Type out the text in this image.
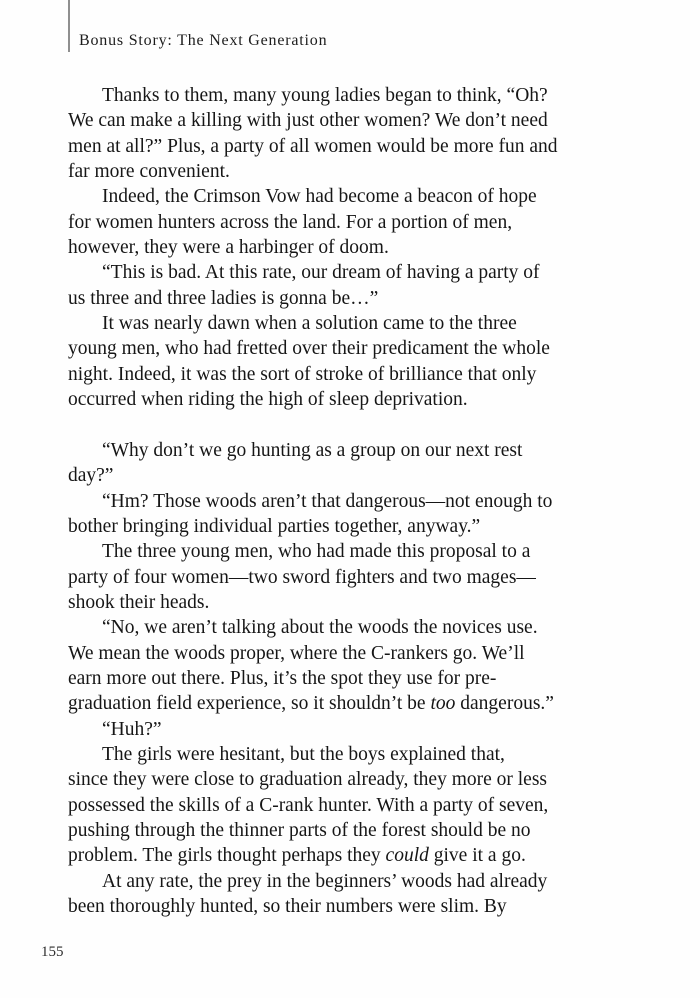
Bonus Story: The Next Generation
Thanks to them, many young ladies began to think, “Oh?
We can make a killing with just other women? We don’t need
men at all?” Plus, a party of all women would be more fun and
far more convenient.
Indeed, the Crimson Vow had become a beacon of hope
for women hunters across the land. For a portion of men,
however, they were a harbinger of doom.
“This is bad. At this rate, our dream of having a party of
us three and three ladies is gonna be…”
It was nearly dawn when a solution came to the three
young men, who had fretted over their predicament the whole
night. Indeed, it was the sort of stroke of brilliance that only
occurred when riding the high of sleep deprivation.
“Why don’t we go hunting as a group on our next rest
day?”
“Hm? Those woods aren’t that dangerous—not enough to
bother bringing individual parties together, anyway.”
The three young men, who had made this proposal to a
party of four women—two sword fighters and two mages—
shook their heads.
“No, we aren’t talking about the woods the novices use.
We mean the woods proper, where the C-rankers go. We’ll
earn more out there. Plus, it’s the spot they use for pre-
graduation field experience, so it shouldn’t be too dangerous.”
“Huh?”
The girls were hesitant, but the boys explained that,
since they were close to graduation already, they more or less
possessed the skills of a C-rank hunter. With a party of seven,
pushing through the thinner parts of the forest should be no
problem. The girls thought perhaps they could give it a go.
At any rate, the prey in the beginners’ woods had already
been thoroughly hunted, so their numbers were slim. By
155
